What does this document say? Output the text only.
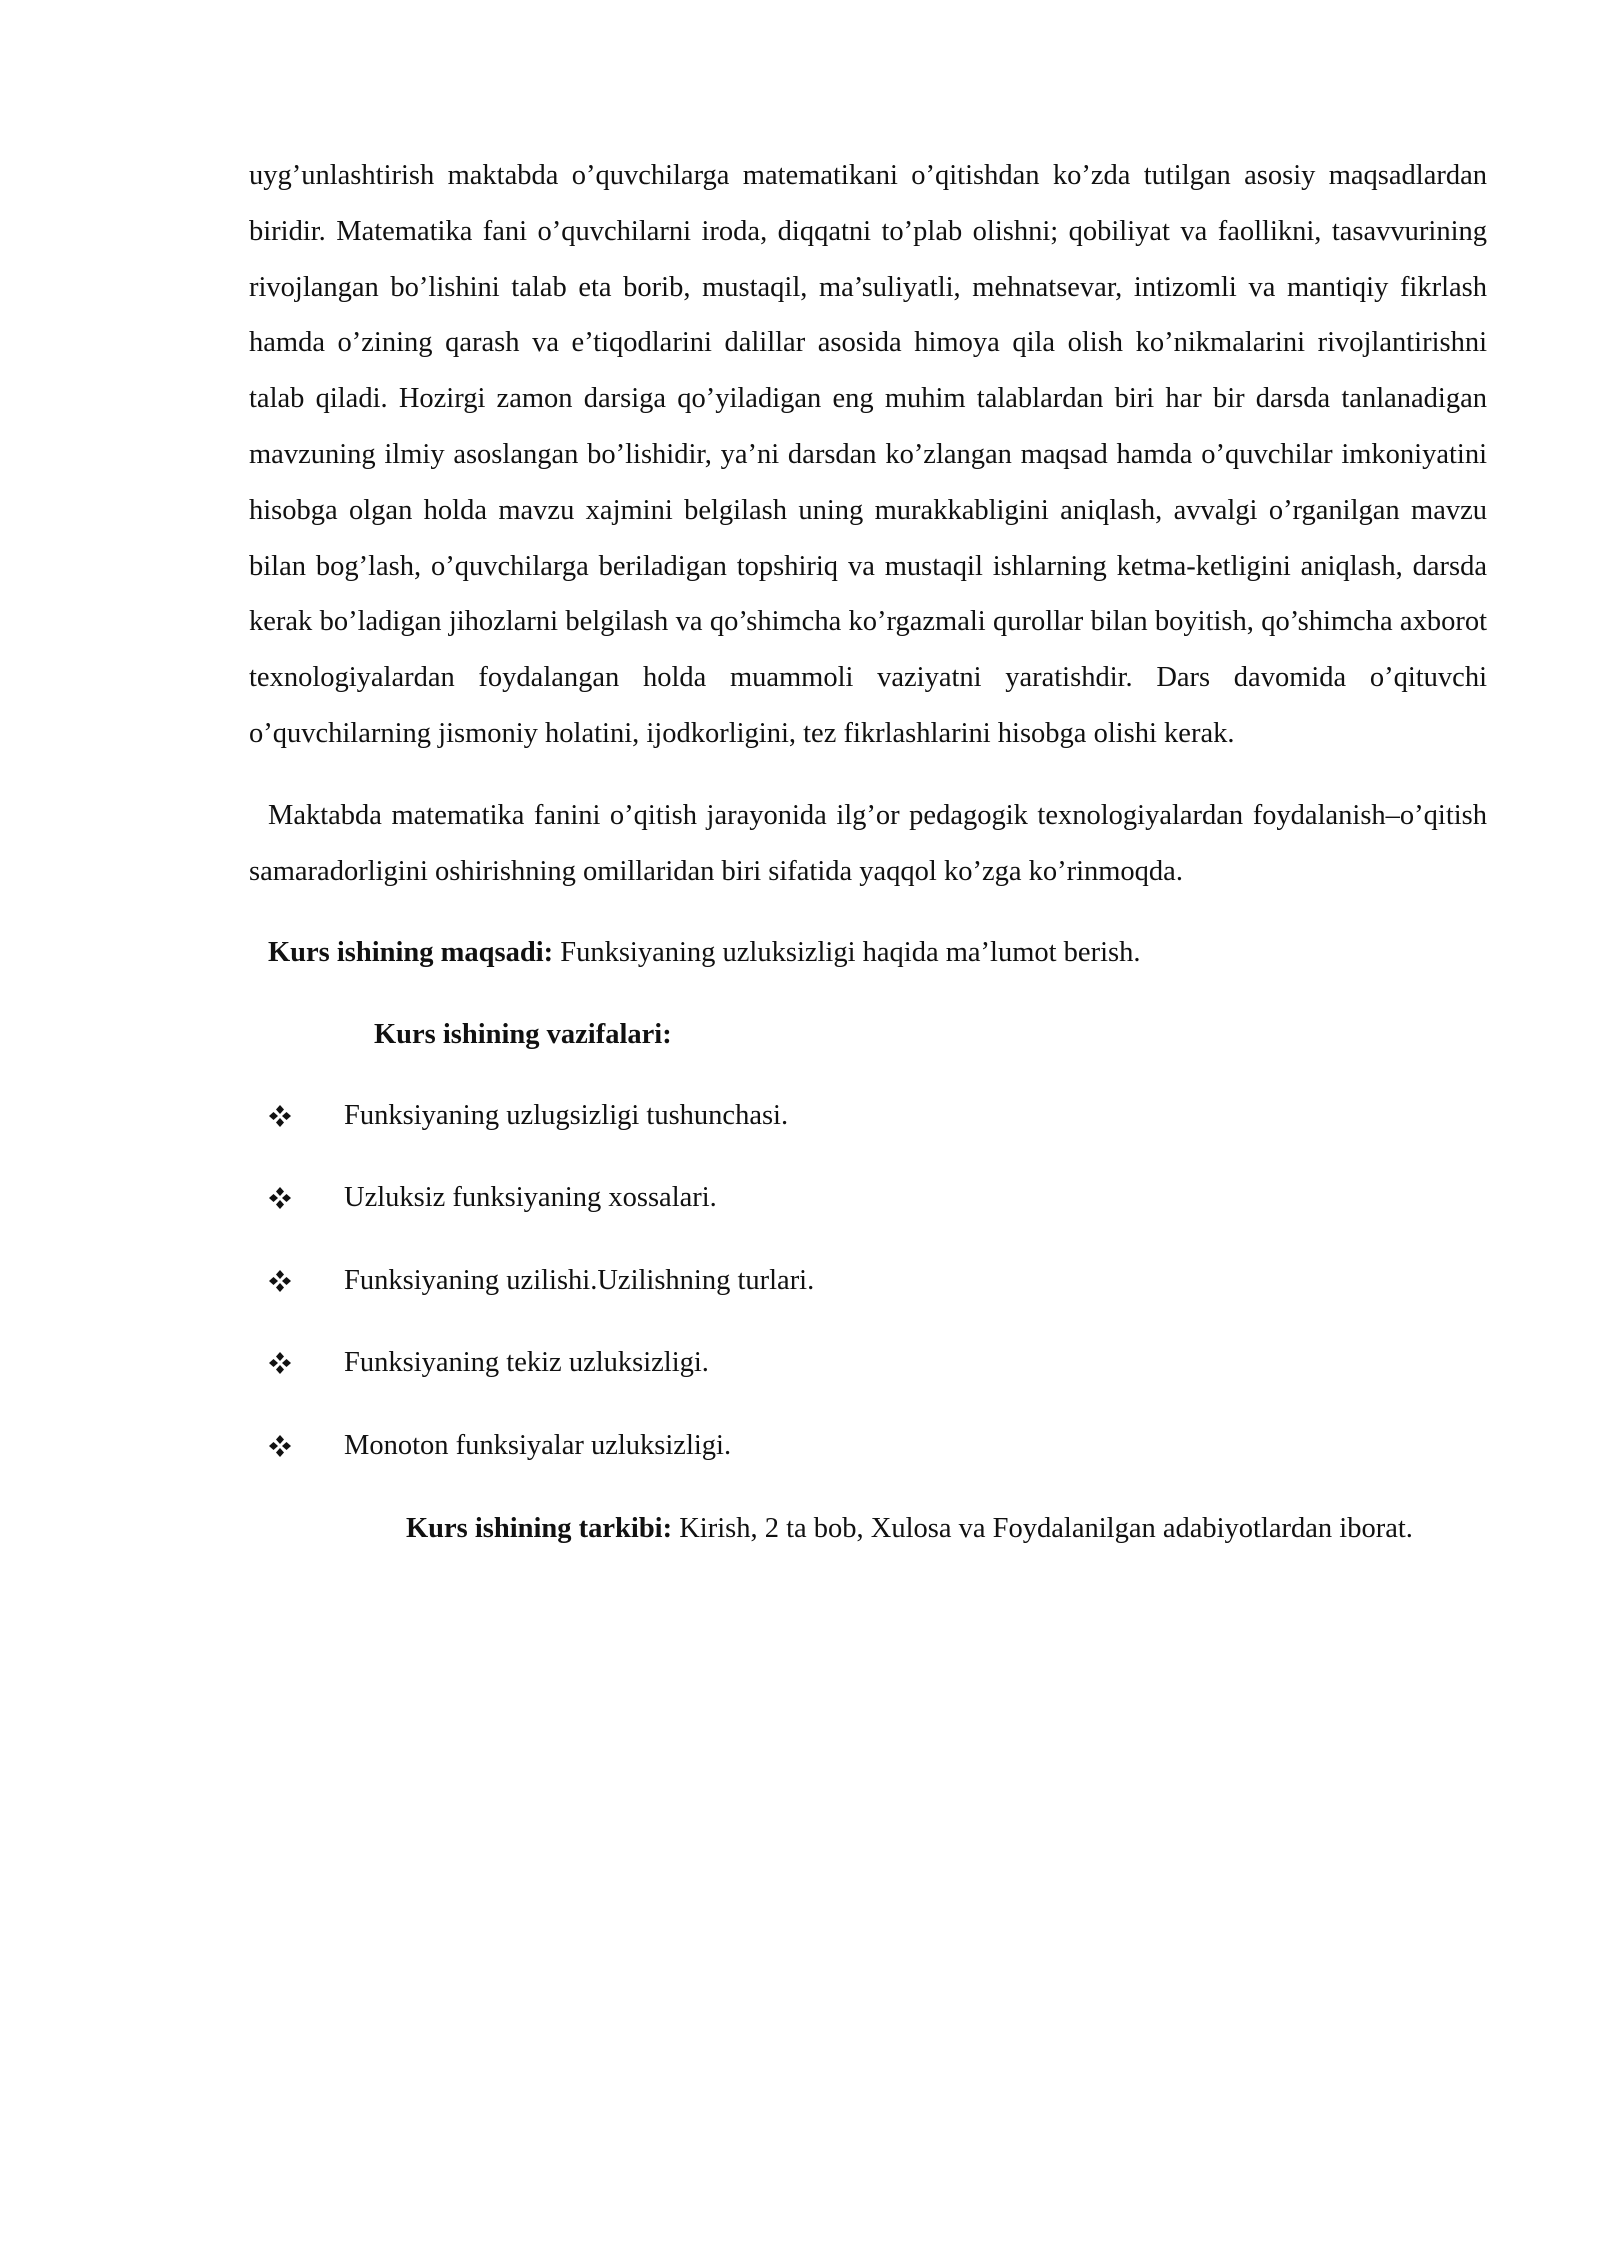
uyg’unlashtirish maktabda o’quvchilarga matematikani o’qitishdan ko’zda tutilgan asosiy maqsadlardan biridir. Matematika fani o’quvchilarni iroda, diqqatni to’plab olishni; qobiliyat va faollikni, tasavvurining rivojlangan bo’lishini talab eta borib, mustaqil, ma’suliyatli, mehnatsevar, intizomli va mantiqiy fikrlash hamda o’zining qarash va e’tiqodlarini dalillar asosida himoya qila olish ko’nikmalarini rivojlantirishni talab qiladi. Hozirgi zamon darsiga qo’yiladigan eng muhim talablardan biri har bir darsda tanlanadigan mavzuning ilmiy asoslangan bo’lishidir, ya’ni darsdan ko’zlangan maqsad hamda o’quvchilar imkoniyatini hisobga olgan holda mavzu xajmini belgilash uning murakkabligini aniqlash, avvalgi o’rganilgan mavzu bilan bog’lash, o’quvchilarga beriladigan topshiriq va mustaqil ishlarning ketma-ketligini aniqlash, darsda kerak bo’ladigan jihozlarni belgilash va qo’shimcha ko’rgazmali qurollar bilan boyitish, qo’shimcha axborot texnologiyalardan foydalangan holda muammoli vaziyatni yaratishdir. Dars davomida o’qituvchi o’quvchilarning jismoniy holatini, ijodkorligini, tez fikrlashlarini hisobga olishi kerak.

Maktabda matematika fanini o’qitish jarayonida ilg’or pedagogik texnologiyalardan foydalanish–o’qitish samaradorligini oshirishning omillaridan biri sifatida yaqqol ko’zga ko’rinmoqda.

Kurs ishining maqsadi: Funksiyaning uzluksizligi haqida ma’lumot berish.

Kurs ishining vazifalari:

Funksiyaning uzlugsizligi tushunchasi.
Uzluksiz funksiyaning xossalari.
Funksiyaning uzilishi.Uzilishning turlari.
Funksiyaning tekiz uzluksizligi.
Monoton funksiyalar uzluksizligi.

Kurs ishining tarkibi: Kirish, 2 ta bob, Xulosa va Foydalanilgan adabiyotlardan iborat.
